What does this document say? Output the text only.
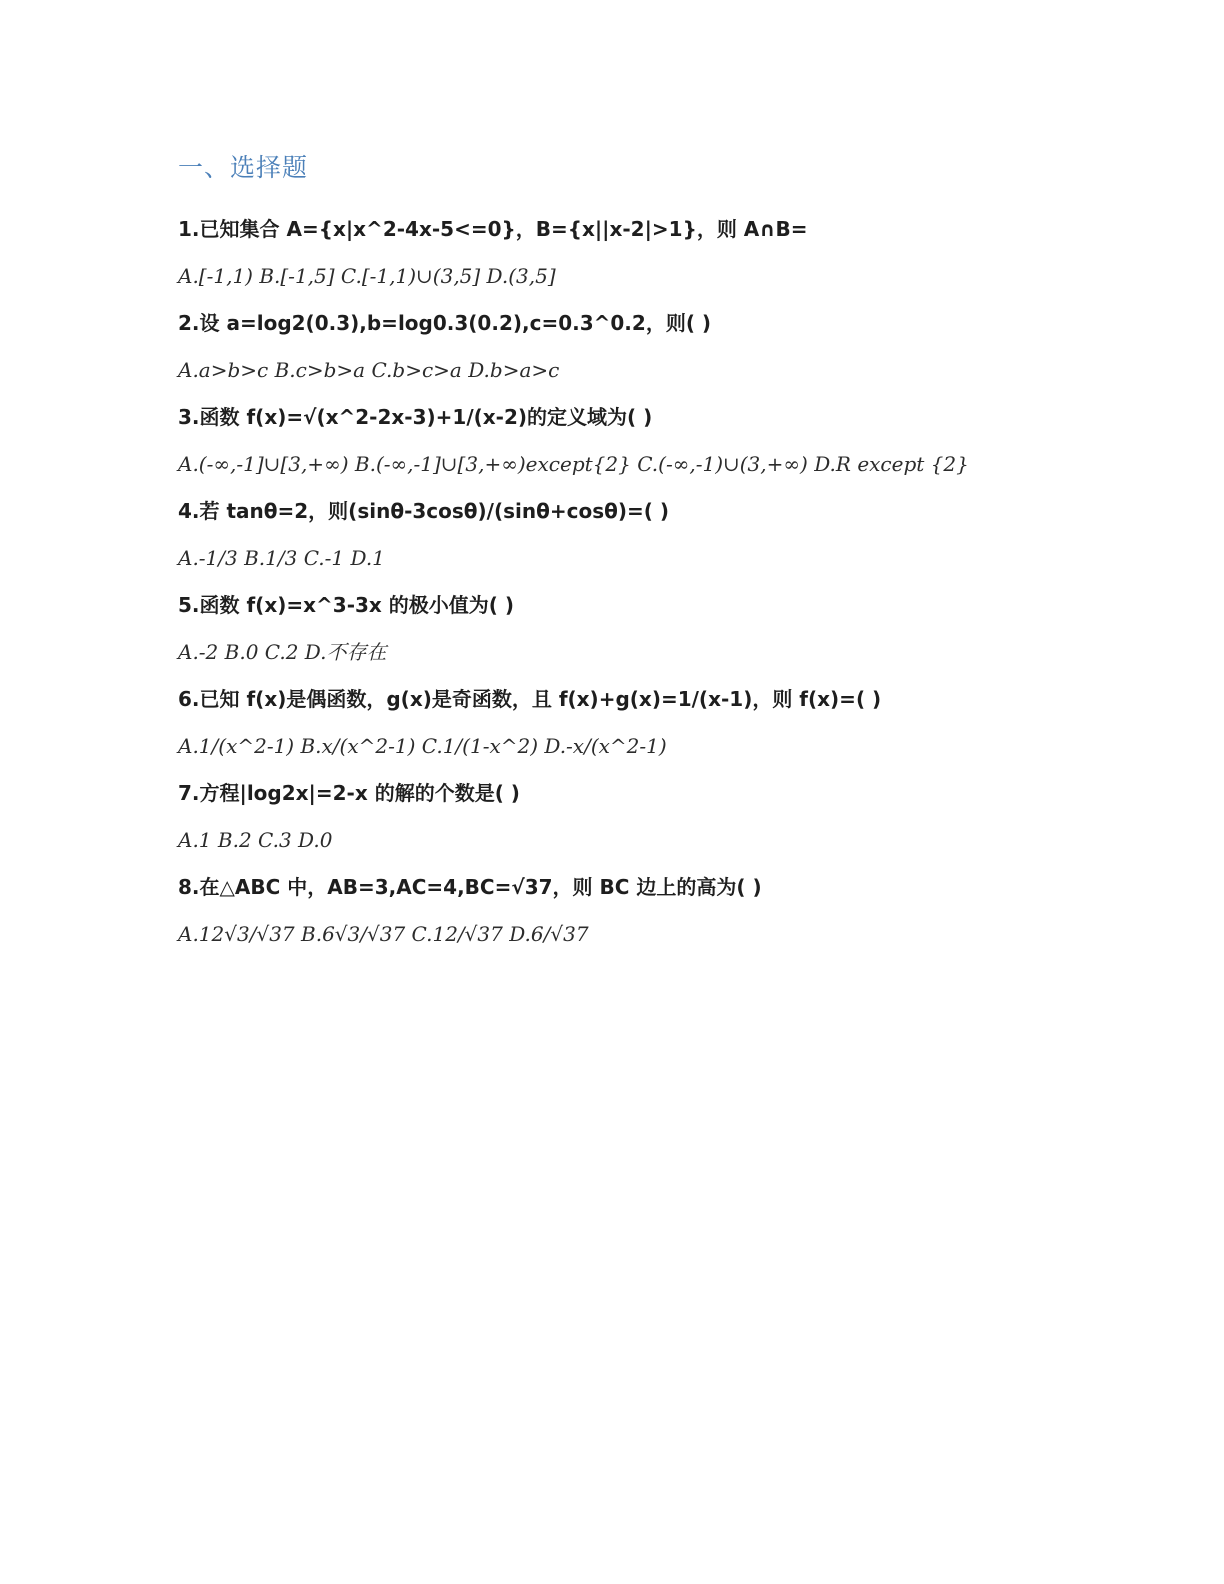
一、选择题
1.已知集合 A={x|x^2-4x-5<=0}，B={x||x-2|>1}，则 A∩B=
A.[-1,1) B.[-1,5] C.[-1,1)∪(3,5] D.(3,5]
2.设 a=log2(0.3),b=log0.3(0.2),c=0.3^0.2，则( )
A.a>b>c B.c>b>a C.b>c>a D.b>a>c
3.函数 f(x)=√(x^2-2x-3)+1/(x-2)的定义域为( )
A.(-∞,-1]∪[3,+∞) B.(-∞,-1]∪[3,+∞)except{2} C.(-∞,-1)∪(3,+∞) D.R except {2}
4.若 tanθ=2，则(sinθ-3cosθ)/(sinθ+cosθ)=( )
A.-1/3 B.1/3 C.-1 D.1
5.函数 f(x)=x^3-3x 的极小值为( )
A.-2 B.0 C.2 D.不存在
6.已知 f(x)是偶函数，g(x)是奇函数，且 f(x)+g(x)=1/(x-1)，则 f(x)=( )
A.1/(x^2-1) B.x/(x^2-1) C.1/(1-x^2) D.-x/(x^2-1)
7.方程|log2x|=2-x 的解的个数是( )
A.1 B.2 C.3 D.0
8.在△ABC 中，AB=3,AC=4,BC=√37，则 BC 边上的高为( )
A.12√3/√37 B.6√3/√37 C.12/√37 D.6/√37
